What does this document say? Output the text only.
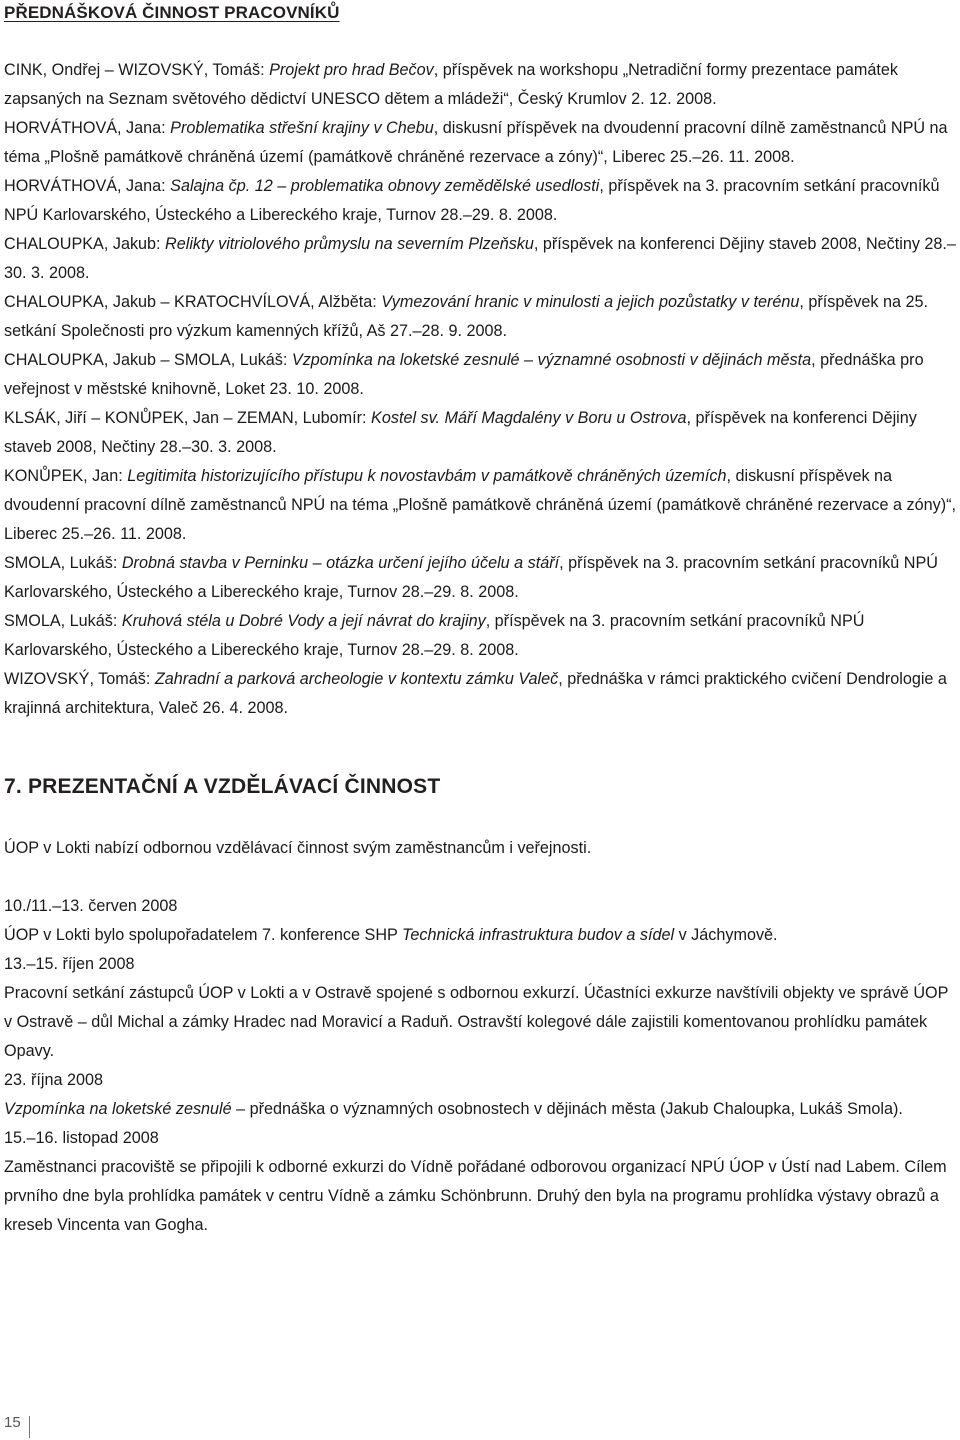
PŘEDNÁŠKOVÁ ČINNOST PRACOVNÍKŮ
CINK, Ondřej – WIZOVSKÝ, Tomáš: Projekt pro hrad Bečov, příspěvek na workshopu „Netradiční formy prezentace památek zapsaných na Seznam světového dědictví UNESCO dětem a mládeži“, Český Krumlov 2. 12. 2008.
HORVÁTHOVÁ, Jana: Problematika střešní krajiny v Chebu, diskusní příspěvek na dvoudenní pracovní dílně zaměstnanců NPÚ na téma „Plošně památkově chráněná území (památkově chráněné rezervace a zóny)“, Liberec 25.–26. 11. 2008.
HORVÁTHOVÁ, Jana: Salajna čp. 12 – problematika obnovy zemědělské usedlosti, příspěvek na 3. pracovním setkání pracovníků NPÚ Karlovarského, Ústeckého a Libereckého kraje, Turnov 28.–29. 8. 2008.
CHALOUPKA, Jakub: Relikty vitriolového průmyslu na severním Plzeňsku, příspěvek na konferenci Dějiny staveb 2008, Nečtiny 28.–30. 3. 2008.
CHALOUPKA, Jakub – KRATOCHVÍLOVÁ, Alžběta: Vymezování hranic v minulosti a jejich pozůstatky v terénu, příspěvek na 25. setkání Společnosti pro výzkum kamenných křížů, Aš 27.–28. 9. 2008.
CHALOUPKA, Jakub – SMOLA, Lukáš: Vzpomínka na loketské zesnulé – významné osobnosti v dějinách města, přednáška pro veřejnost v městské knihovně, Loket 23. 10. 2008.
KLSÁK, Jiří – KONŮPEK, Jan – ZEMAN, Lubomír: Kostel sv. Máří Magdalény v Boru u Ostrova, příspěvek na konferenci Dějiny staveb 2008, Nečtiny 28.–30. 3. 2008.
KONŮPEK, Jan: Legitimita historizujícího přístupu k novostavbám v památkově chráněných územích, diskusní příspěvek na dvoudenní pracovní dílně zaměstnanců NPÚ na téma „Plošně památkově chráněná území (památkově chráněné rezervace a zóny)“, Liberec 25.–26. 11. 2008.
SMOLA, Lukáš: Drobná stavba v Perninku – otázka určení jejího účelu a stáří, příspěvek na 3. pracovním setkání pracovníků NPÚ Karlovarského, Ústeckého a Libereckého kraje, Turnov 28.–29. 8. 2008.
SMOLA, Lukáš: Kruhová stéla u Dobré Vody a její návrat do krajiny, příspěvek na 3. pracovním setkání pracovníků NPÚ Karlovarského, Ústeckého a Libereckého kraje, Turnov 28.–29. 8. 2008.
WIZOVSKÝ, Tomáš: Zahradní a parková archeologie v kontextu zámku Valeč, přednáška v rámci praktického cvičení Dendrologie a krajinná architektura, Valeč 26. 4. 2008.
7. PREZENTAČNÍ A VZDĚLÁVACÍ ČINNOST

ÚOP v Lokti nabízí odbornou vzdělávací činnost svým zaměstnancům i veřejnosti.

10./11.–13. červen 2008

ÚOP v Lokti bylo spolupořadatelem 7. konference SHP Technická infrastruktura budov a sídel v Jáchymově.

13.–15. říjen 2008

Pracovní setkání zástupců ÚOP v Lokti a v Ostravě spojené s odbornou exkurzí. Účastníci exkurze navštívili objekty ve správě ÚOP v Ostravě – důl Michal a zámky Hradec nad Moravicí a Raduň. Ostravští kolegové dále zajistili komentovanou prohlídku památek Opavy.

23. října 2008

Vzpomínka na loketské zesnulé – přednáška o významných osobnostech v dějinách města (Jakub Chaloupka, Lukáš Smola).

15.–16. listopad 2008

Zaměstnanci pracoviště se připojili k odborné exkurzi do Vídně pořádané odborovou organizací NPÚ ÚOP v Ústí nad Labem. Cílem prvního dne byla prohlídka památek v centru Vídně a zámku Schönbrunn. Druhý den byla na programu prohlídka výstavy obrazů a kreseb Vincenta van Gogha.

15
